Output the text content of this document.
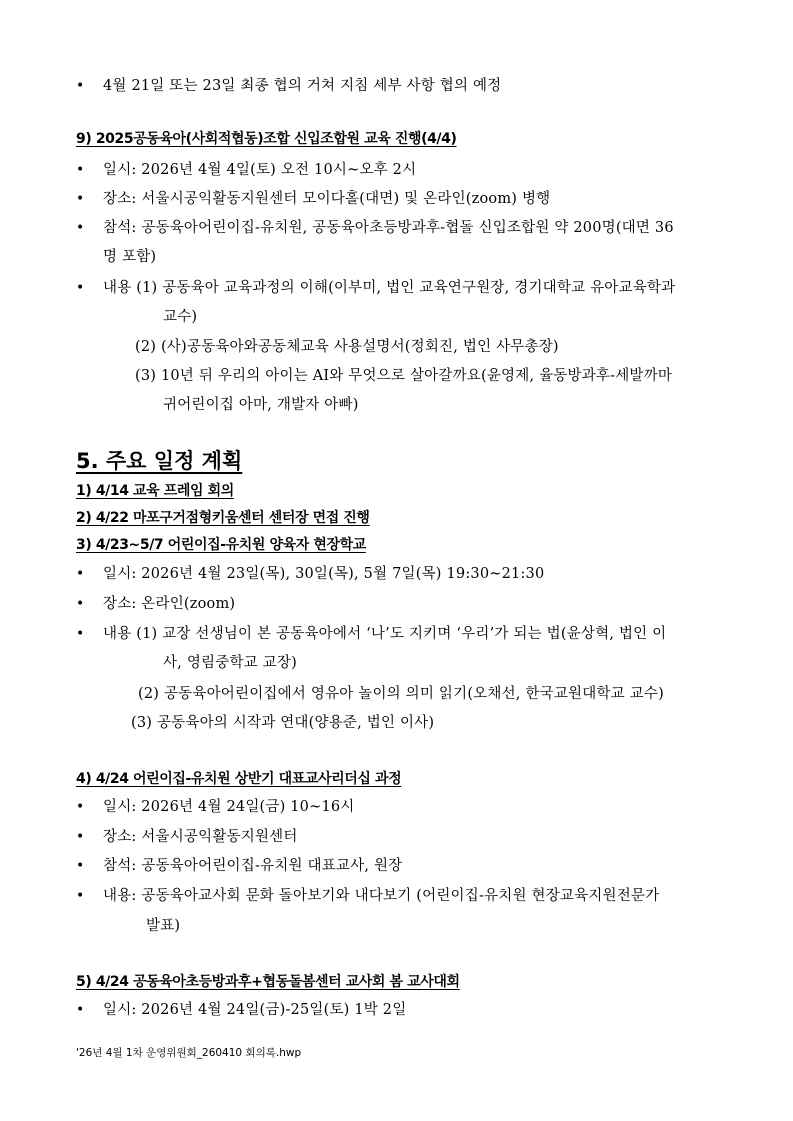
• 4월 21일 또는 23일 최종 협의 거쳐 지침 세부 사항 협의 예정
9) 2025공동육아(사회적협동)조합 신입조합원 교육 진행(4/4)
• 일시: 2026년 4월 4일(토) 오전 10시~오후 2시
• 장소: 서울시공익활동지원센터 모이다홀(대면) 및 온라인(zoom) 병행
• 참석: 공동육아어린이집-유치원, 공동육아초등방과후-협돌 신입조합원 약 200명(대면 36
명 포함)
• 내용 (1) 공동육아 교육과정의 이해(이부미, 법인 교육연구원장, 경기대학교 유아교육학과
교수)
(2) (사)공동육아와공동체교육 사용설명서(정회진, 법인 사무총장)
(3) 10년 뒤 우리의 아이는 AI와 무엇으로 살아갈까요(윤영제, 율동방과후-세발까마
귀어린이집 아마, 개발자 아빠)
5. 주요 일정 계획
1) 4/14 교육 프레임 회의
2) 4/22 마포구거점형키움센터 센터장 면접 진행
3) 4/23~5/7 어린이집-유치원 양육자 현장학교
• 일시: 2026년 4월 23일(목), 30일(목), 5월 7일(목) 19:30~21:30
• 장소: 온라인(zoom)
• 내용 (1) 교장 선생님이 본 공동육아에서 ‘나’도 지키며 ‘우리’가 되는 법(윤상혁, 법인 이
사, 영림중학교 교장)
(2) 공동육아어린이집에서 영유아 놀이의 의미 읽기(오채선, 한국교원대학교 교수)
(3) 공동육아의 시작과 연대(양용준, 법인 이사)
4) 4/24 어린이집-유치원 상반기 대표교사리더십 과정
• 일시: 2026년 4월 24일(금) 10~16시
• 장소: 서울시공익활동지원센터
• 참석: 공동육아어린이집-유치원 대표교사, 원장
• 내용: 공동육아교사회 문화 돌아보기와 내다보기 (어린이집-유치원 현장교육지원전문가
발표)
5) 4/24 공동육아초등방과후+협동돌봄센터 교사회 봄 교사대회
• 일시: 2026년 4월 24일(금)-25일(토) 1박 2일
'26년 4월 1차 운영위원회_260410 회의록.hwp
